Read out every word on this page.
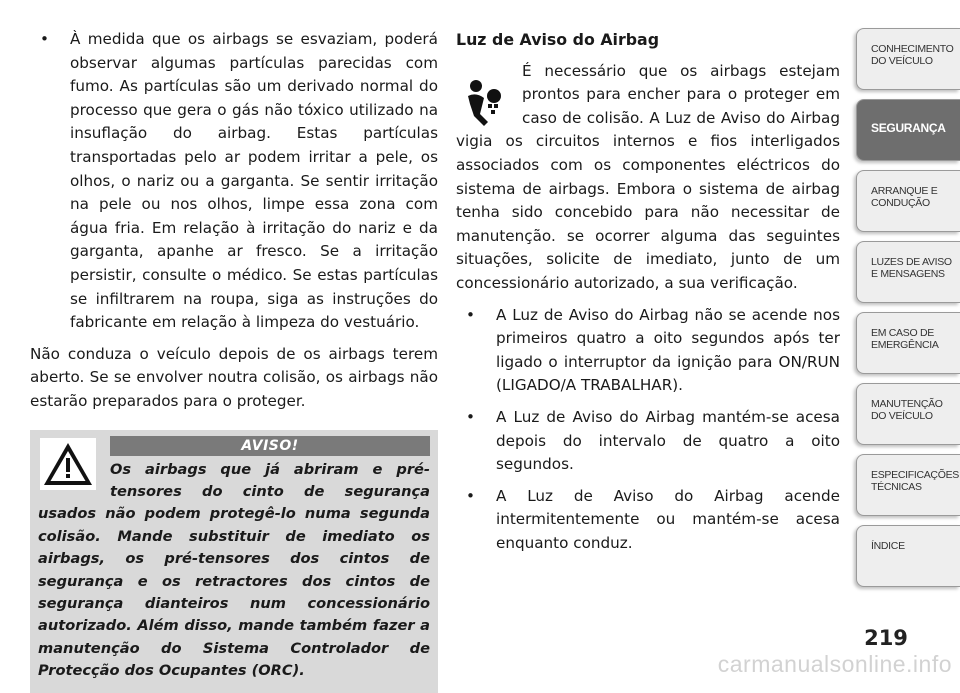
• À medida que os airbags se esvaziam, poderá observar algumas partículas parecidas com fumo. As partículas são um derivado normal do processo que gera o gás não tóxico utilizado na insuflação do airbag. Estas partículas transportadas pelo ar podem irritar a pele, os olhos, o nariz ou a garganta. Se sentir irritação na pele ou nos olhos, limpe essa zona com água fria. Em relação à irritação do nariz e da garganta, apanhe ar fresco. Se a irritação persistir, consulte o médico. Se estas partículas se infiltrarem na roupa, siga as instruções do fabricante em relação à limpeza do vestuário.

Não conduza o veículo depois de os airbags terem aberto. Se se envolver noutra colisão, os airbags não estarão preparados para o proteger.

AVISO!

Os airbags que já abriram e pré-tensores do cinto de segurança usados não podem protegê-lo numa segunda colisão. Mande substituir de imediato os airbags, os pré-tensores dos cintos de segurança e os retractores dos cintos de segurança dianteiros num concessionário autorizado. Além disso, mande também fazer a manutenção do Sistema Controlador de Protecção dos Ocupantes (ORC).

Luz de Aviso do Airbag

É necessário que os airbags estejam prontos para encher para o proteger em caso de colisão. A Luz de Aviso do Airbag vigia os circuitos internos e fios interligados associados com os componentes eléctricos do sistema de airbags. Embora o sistema de airbag tenha sido concebido para não necessitar de manutenção. se ocorrer alguma das seguintes situações, solicite de imediato, junto de um concessionário autorizado, a sua verificação.

• A Luz de Aviso do Airbag não se acende nos primeiros quatro a oito segundos após ter ligado o interruptor da ignição para ON/RUN (LIGADO/A TRABALHAR).

• A Luz de Aviso do Airbag mantém-se acesa depois do intervalo de quatro a oito segundos.

• A Luz de Aviso do Airbag acende intermitentemente ou mantém-se acesa enquanto conduz.

CONHECIMENTO DO VEÍCULO
SEGURANÇA
ARRANQUE E CONDUÇÃO
LUZES DE AVISO E MENSAGENS
EM CASO DE EMERGÊNCIA
MANUTENÇÃO DO VEÍCULO
ESPECIFICAÇÕES TÉCNICAS
ÍNDICE
219
carmanualsonline.info
